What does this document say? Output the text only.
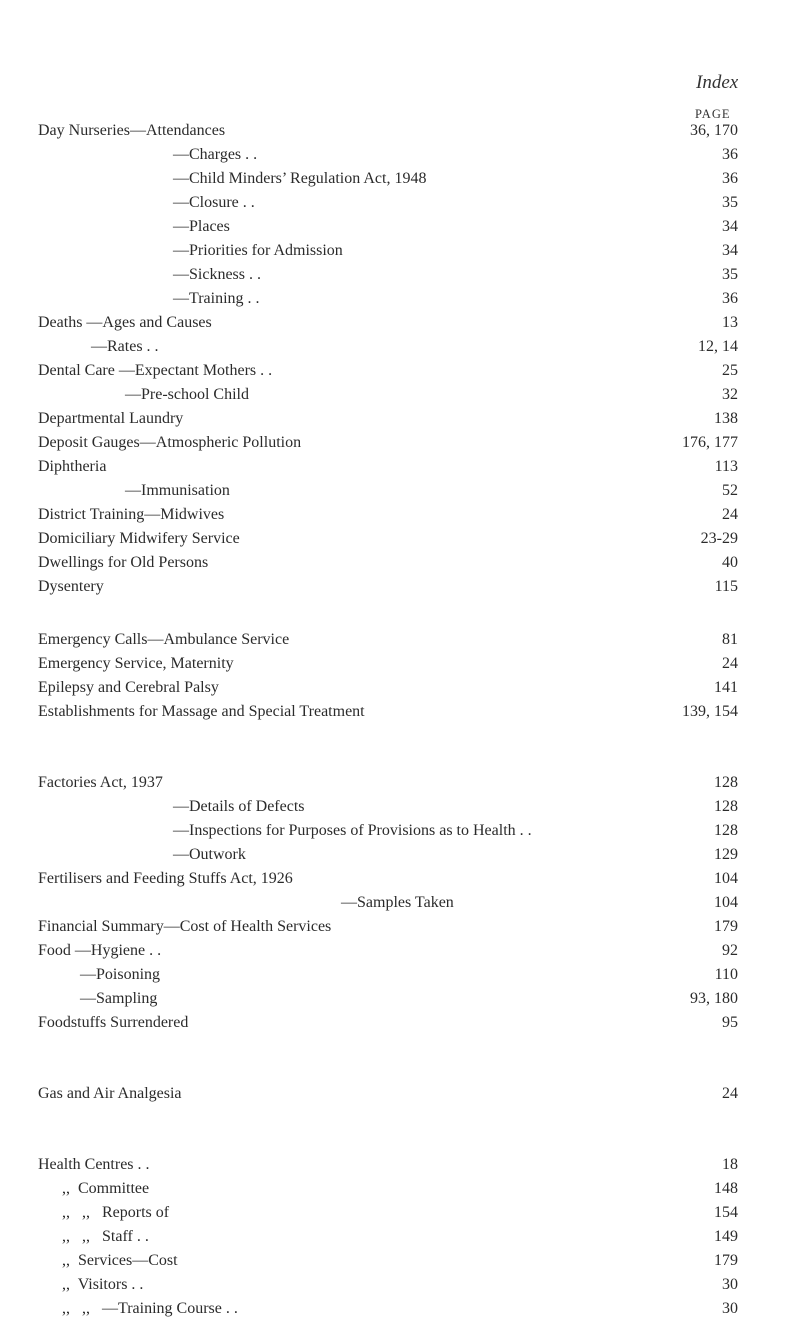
Index
PAGE
Day Nurseries—Attendances	36, 170
—Charges . .	36
—Child Minders’ Regulation Act, 1948	36
—Closure . .	35
—Places	34
—Priorities for Admission	34
—Sickness . .	35
—Training . .	36
Deaths —Ages and Causes	13
—Rates . .	12, 14
Dental Care —Expectant Mothers . .	25
—Pre-school Child	32
Departmental Laundry	138
Deposit Gauges—Atmospheric Pollution	176, 177
Diphtheria	113
—Immunisation	52
District Training—Midwives	24
Domiciliary Midwifery Service	23-29
Dwellings for Old Persons	40
Dysentery	115
Emergency Calls—Ambulance Service	81
Emergency Service, Maternity	24
Epilepsy and Cerebral Palsy	141
Establishments for Massage and Special Treatment	139, 154
Factories Act, 1937	128
—Details of Defects	128
—Inspections for Purposes of Provisions as to Health . .	128
—Outwork	129
Fertilisers and Feeding Stuffs Act, 1926	104
—Samples Taken	104
Financial Summary—Cost of Health Services	179
Food —Hygiene . .	92
—Poisoning	110
—Sampling	93, 180
Foodstuffs Surrendered	95
Gas and Air Analgesia	24
Health Centres . .	18
,,  Committee	148
,,   ,,   Reports of	154
,,   ,,   Staff . .	149
,,  Services—Cost	179
,,  Visitors . .	30
,,   ,,   —Training Course . .	30
